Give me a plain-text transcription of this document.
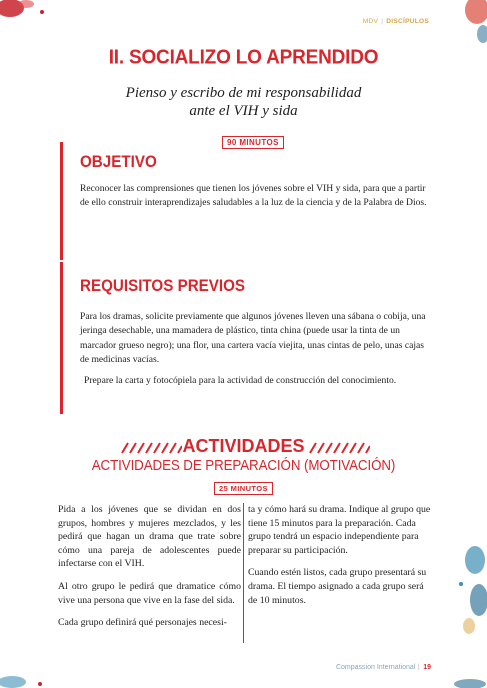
MDV | DISCÍPULOS
II. SOCIALIZO LO APRENDIDO
Pienso y escribo de mi responsabilidad
ante el VIH y sida
90 MINUTOS
OBJETIVO
Reconocer las comprensiones que tienen los jóvenes sobre el VIH y sida, para que a partir de ello construir interaprendizajes saludables a la luz de la ciencia y de la Palabra de Dios.
REQUISITOS PREVIOS
Para los dramas, solicite previamente que algunos jóvenes lleven una sábana o cobija, una jeringa desechable, una mamadera de plástico, tinta china (puede usar la tinta de un marcador grueso negro); una flor, una cartera vacía viejita, unas cintas de pelo, unas cajas de medicinas vacías.
Prepare la carta y fotocópiela para la actividad de construcción del conocimiento.
ACTIVIDADES
ACTIVIDADES DE PREPARACIÓN (MOTIVACIÓN)
25 MINUTOS

Pida a los jóvenes que se dividan en dos grupos, hombres y mujeres mezclados, y les pedirá que hagan un drama que trate sobre cómo una pareja de adolescentes puede infectarse con el VIH.

Al otro grupo le pedirá que dramatice cómo vive una persona que vive en la fase del sida.

Cada grupo definirá qué personajes necesi-

ta y cómo hará su drama. Indique al grupo que tiene 15 minutos para la preparación. Cada grupo tendrá un espacio independiente para preparar su participación.

Cuando estén listos, cada grupo presentará su drama. El tiempo asignado a cada grupo será de 10 minutos.

Compassion International | 19
